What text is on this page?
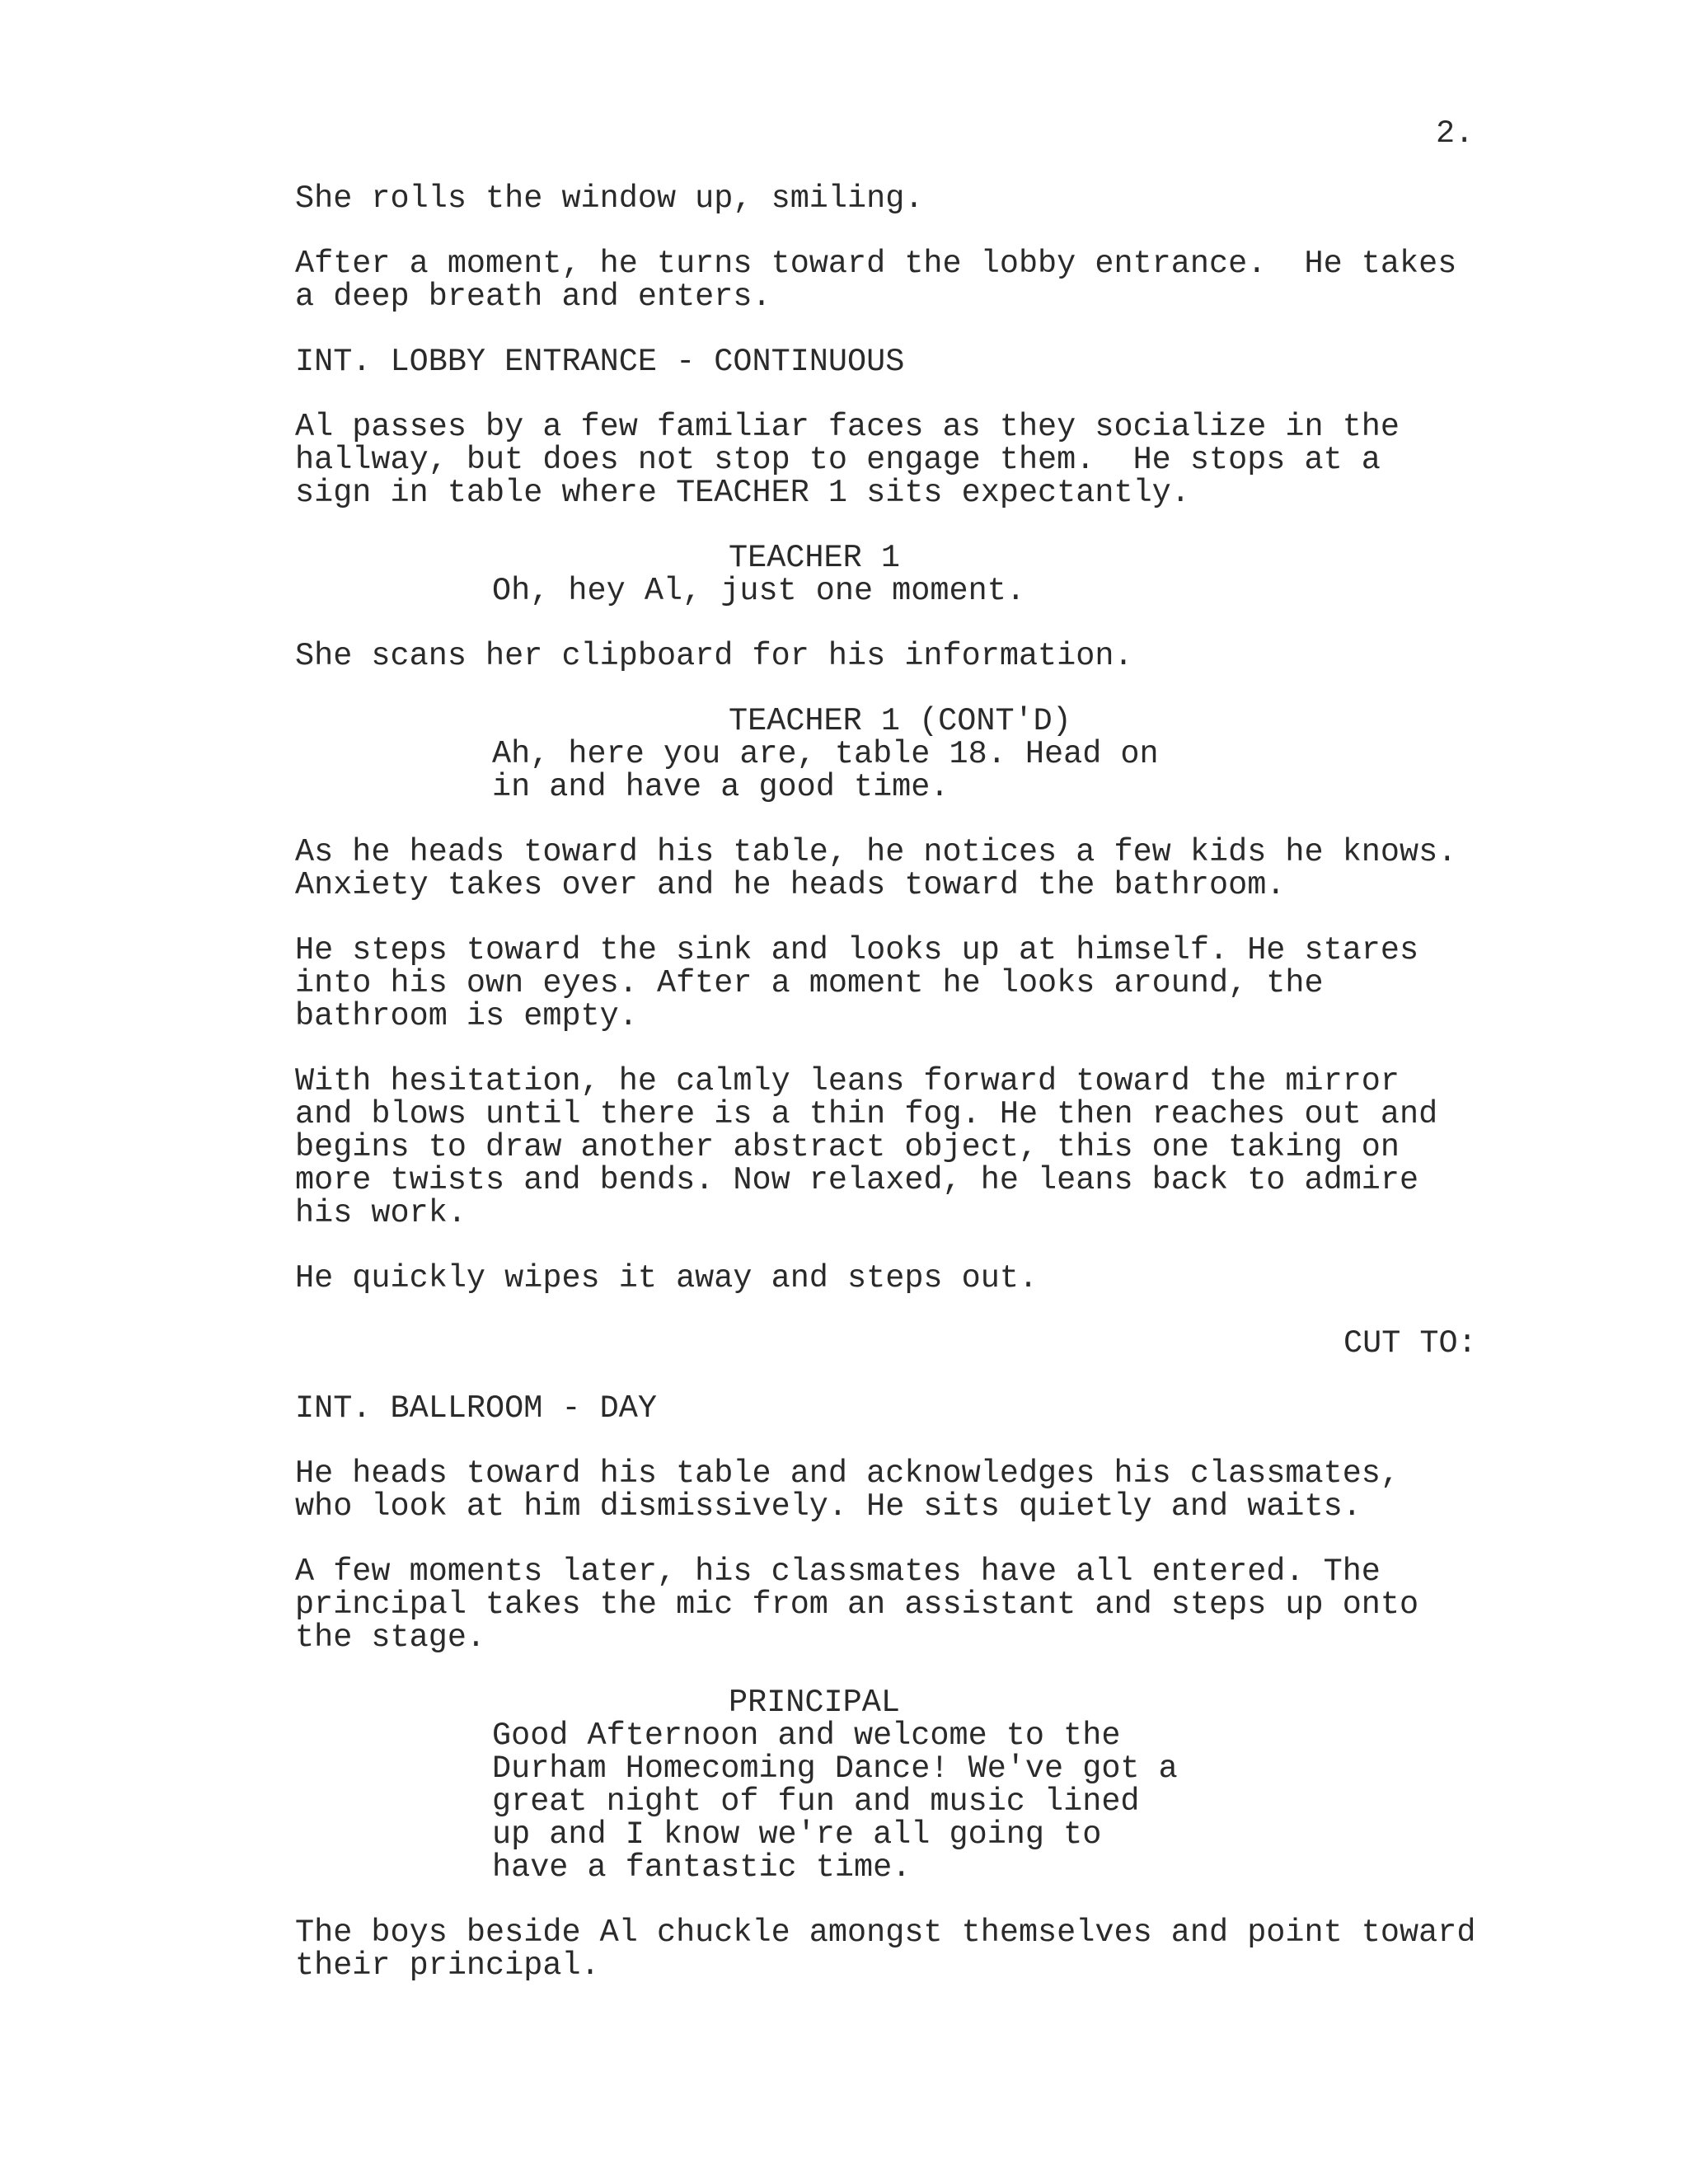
2.
She rolls the window up, smiling.
After a moment, he turns toward the lobby entrance.  He takes
a deep breath and enters.
INT. LOBBY ENTRANCE - CONTINUOUS
Al passes by a few familiar faces as they socialize in the
hallway, but does not stop to engage them.  He stops at a
sign in table where TEACHER 1 sits expectantly.
TEACHER 1
Oh, hey Al, just one moment.
She scans her clipboard for his information.
TEACHER 1 (CONT'D)
Ah, here you are, table 18. Head on
in and have a good time.
As he heads toward his table, he notices a few kids he knows.
Anxiety takes over and he heads toward the bathroom.
He steps toward the sink and looks up at himself. He stares
into his own eyes. After a moment he looks around, the
bathroom is empty.
With hesitation, he calmly leans forward toward the mirror
and blows until there is a thin fog. He then reaches out and
begins to draw another abstract object, this one taking on
more twists and bends. Now relaxed, he leans back to admire
his work.
He quickly wipes it away and steps out.
CUT TO:
INT. BALLROOM - DAY
He heads toward his table and acknowledges his classmates,
who look at him dismissively. He sits quietly and waits.
A few moments later, his classmates have all entered. The
principal takes the mic from an assistant and steps up onto
the stage.
PRINCIPAL
Good Afternoon and welcome to the
Durham Homecoming Dance! We've got a
great night of fun and music lined
up and I know we're all going to
have a fantastic time.
The boys beside Al chuckle amongst themselves and point toward
their principal.
